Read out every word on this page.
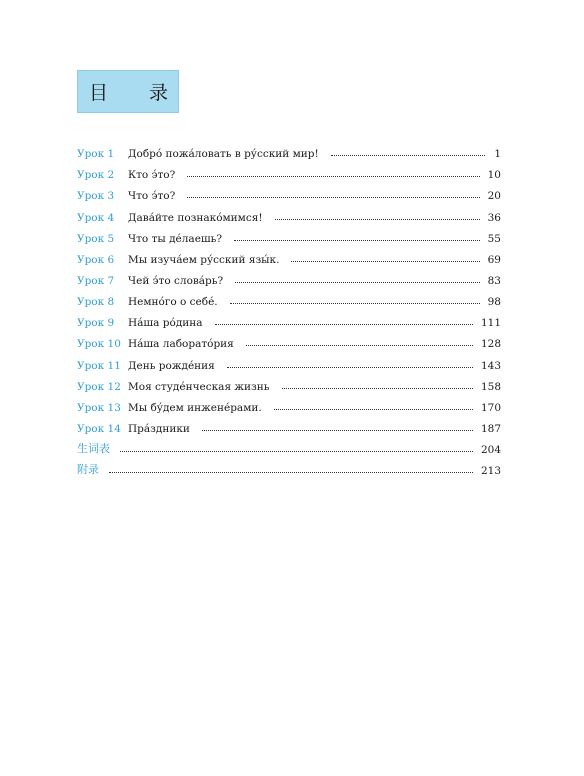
目 录
Урок 1	Добро́ пожа́ловать в ру́сский мир!	1
Урок 2	Кто э́то?	10
Урок 3	Что э́то?	20
Урок 4	Дава́йте познако́мимся!	36
Урок 5	Что ты де́лаешь?	55
Урок 6	Мы изуча́ем ру́сский язы́к.	69
Урок 7	Чей э́то слова́рь?	83
Урок 8	Немно́го о себе́.	98
Урок 9	На́ша ро́дина	111
Урок 10 На́ша лаборато́рия	128
Урок 11 День рожде́ния	143
Урок 12 Моя студе́нческая жизнь	158
Урок 13 Мы бу́дем инжене́рами.	170
Урок 14 Пра́здники	187
生词表	204
附录	213
